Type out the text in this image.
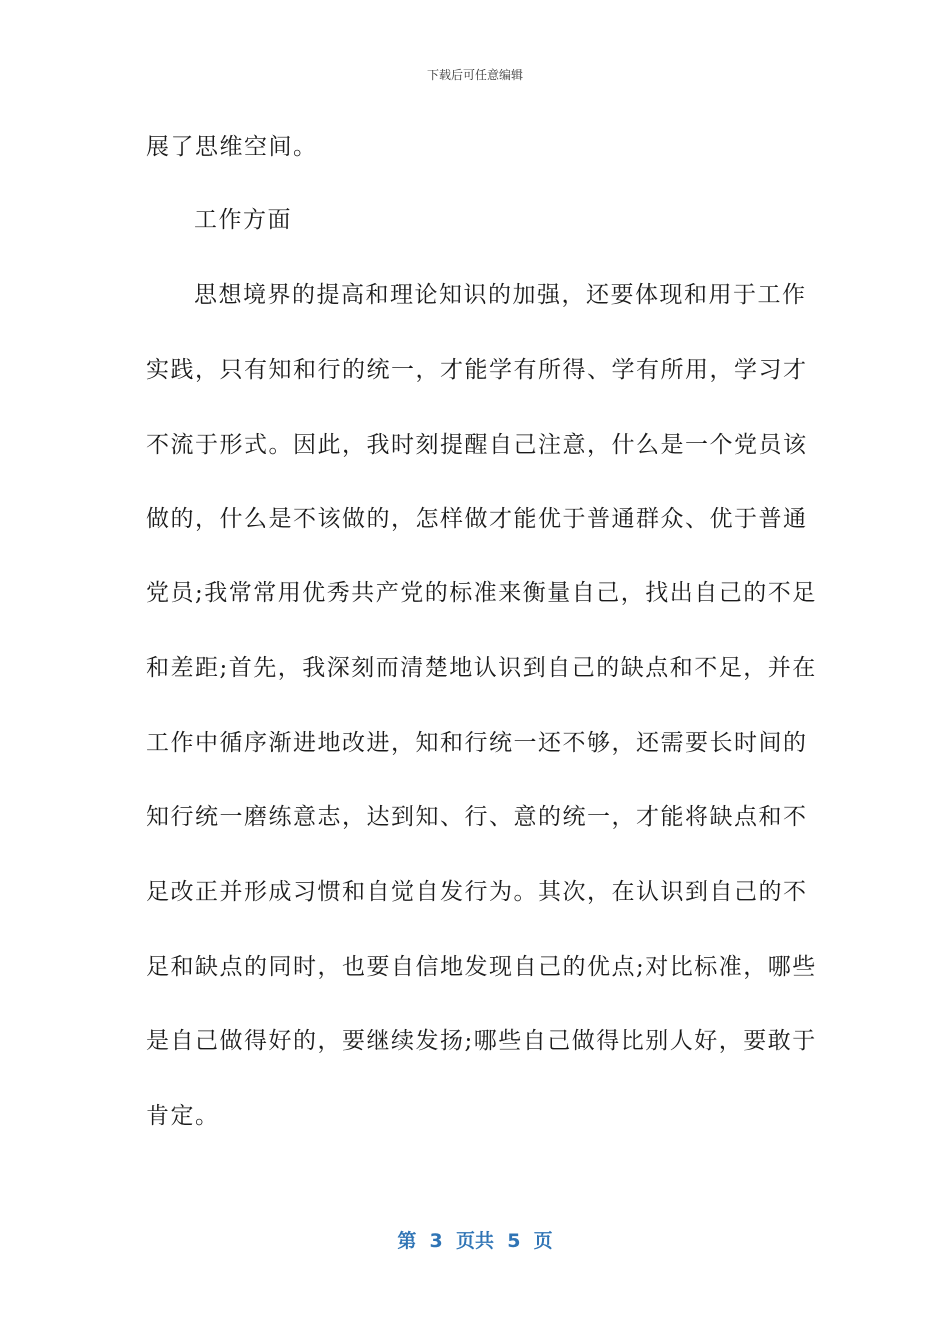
下载后可任意编辑
展了思维空间。
工作方面
思想境界的提高和理论知识的加强，还要体现和用于工作
实践，只有知和行的统一，才能学有所得、学有所用，学习才
不流于形式。因此，我时刻提醒自己注意，什么是一个党员该
做的，什么是不该做的，怎样做才能优于普通群众、优于普通
党员;我常常用优秀共产党的标准来衡量自己，找出自己的不足
和差距;首先，我深刻而清楚地认识到自己的缺点和不足，并在
工作中循序渐进地改进，知和行统一还不够，还需要长时间的
知行统一磨练意志，达到知、行、意的统一，才能将缺点和不
足改正并形成习惯和自觉自发行为。其次，在认识到自己的不
足和缺点的同时，也要自信地发现自己的优点;对比标准，哪些
是自己做得好的，要继续发扬;哪些自己做得比别人好，要敢于
肯定。
第  3  页共  5  页
